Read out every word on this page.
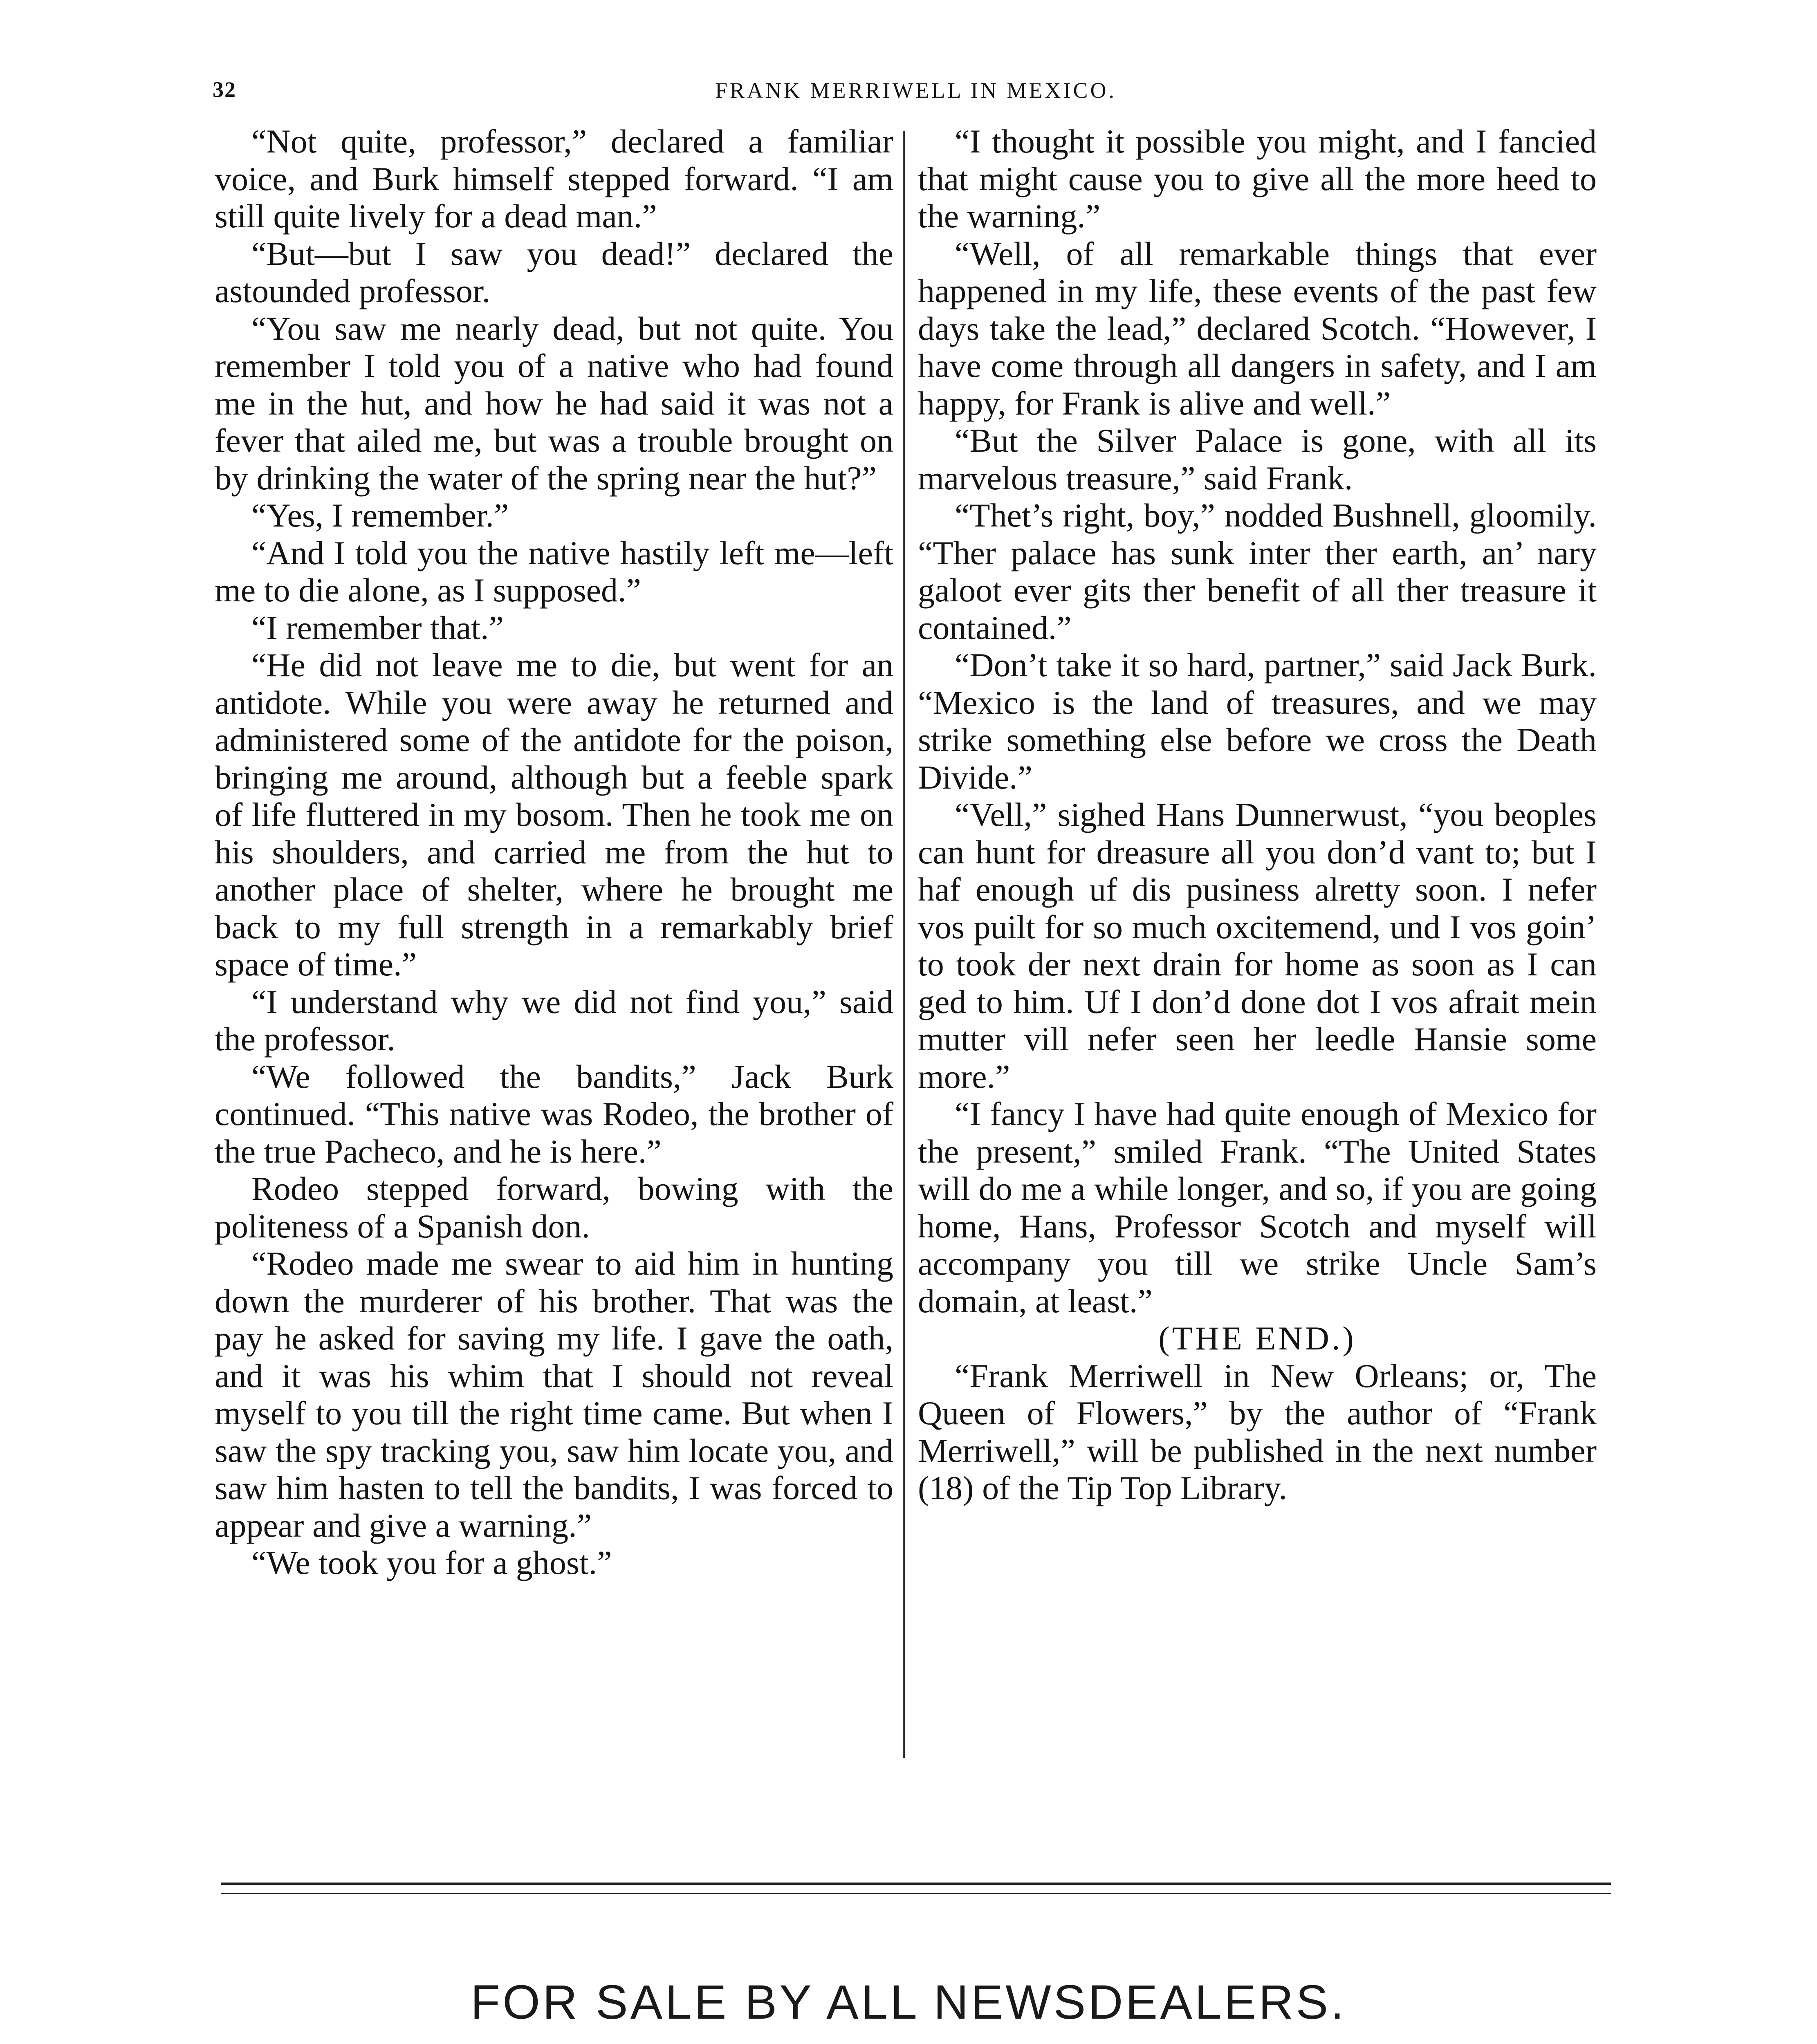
32	FRANK MERRIWELL IN MEXICO.

“Not quite, professor,” declared a familiar voice, and Burk himself stepped forward. “I am still quite lively for a dead man.”

“But—but I saw you dead!” declared the astounded professor.

“You saw me nearly dead, but not quite. You remember I told you of a native who had found me in the hut, and how he had said it was not a fever that ailed me, but was a trouble brought on by drinking the water of the spring near the hut?”

“Yes, I remember.”

“And I told you the native hastily left me—left me to die alone, as I supposed.”

“I remember that.”

“He did not leave me to die, but went for an antidote. While you were away he returned and administered some of the antidote for the poison, bringing me around, although but a feeble spark of life fluttered in my bosom. Then he took me on his shoulders, and carried me from the hut to another place of shelter, where he brought me back to my full strength in a remarkably brief space of time.”

“I understand why we did not find you,” said the professor.

“We followed the bandits,” Jack Burk continued. “This native was Rodeo, the brother of the true Pacheco, and he is here.”

Rodeo stepped forward, bowing with the politeness of a Spanish don.

“Rodeo made me swear to aid him in hunting down the murderer of his brother. That was the pay he asked for saving my life. I gave the oath, and it was his whim that I should not reveal myself to you till the right time came. But when I saw the spy tracking you, saw him locate you, and saw him hasten to tell the bandits, I was forced to appear and give a warning.”

“We took you for a ghost.”

“I thought it possible you might, and I fancied that might cause you to give all the more heed to the warning.”

“Well, of all remarkable things that ever happened in my life, these events of the past few days take the lead,” declared Scotch. “However, I have come through all dangers in safety, and I am happy, for Frank is alive and well.”

“But the Silver Palace is gone, with all its marvelous treasure,” said Frank.

“Thet’s right, boy,” nodded Bushnell, gloomily. “Ther palace has sunk inter ther earth, an’ nary galoot ever gits ther benefit of all ther treasure it contained.”

“Don’t take it so hard, partner,” said Jack Burk. “Mexico is the land of treasures, and we may strike something else before we cross the Death Divide.”

“Vell,” sighed Hans Dunnerwust, “you beoples can hunt for dreasure all you don’d vant to; but I haf enough uf dis pusiness alretty soon. I nefer vos puilt for so much oxcitemend, und I vos goin’ to took der next drain for home as soon as I can ged to him. Uf I don’d done dot I vos afrait mein mutter vill nefer seen her leedle Hansie some more.”

“I fancy I have had quite enough of Mexico for the present,” smiled Frank. “The United States will do me a while longer, and so, if you are going home, Hans, Professor Scotch and myself will accompany you till we strike Uncle Sam’s domain, at least.”

(THE END.)

“Frank Merriwell in New Orleans; or, The Queen of Flowers,” by the author of “Frank Merriwell,” will be published in the next number (18) of the Tip Top Library.

FOR SALE BY ALL NEWSDEALERS.
